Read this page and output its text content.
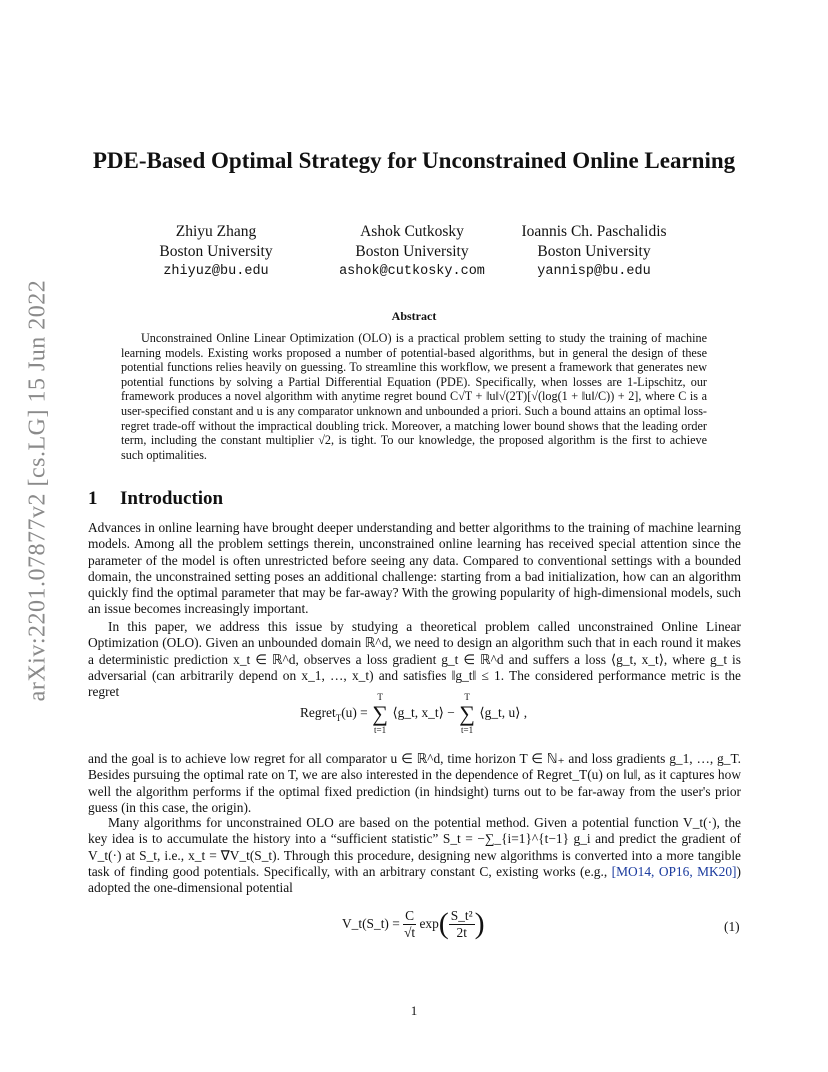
arXiv:2201.07877v2 [cs.LG] 15 Jun 2022
PDE-Based Optimal Strategy for Unconstrained Online Learning
Zhiyu Zhang
Boston University
zhiyuz@bu.edu
Ashok Cutkosky
Boston University
ashok@cutkosky.com
Ioannis Ch. Paschalidis
Boston University
yannisp@bu.edu
Abstract
Unconstrained Online Linear Optimization (OLO) is a practical problem setting to study the training of machine learning models. Existing works proposed a number of potential-based algorithms, but in general the design of these potential functions relies heavily on guessing. To streamline this workflow, we present a framework that generates new potential functions by solving a Partial Differential Equation (PDE). Specifically, when losses are 1-Lipschitz, our framework produces a novel algorithm with anytime regret bound C√T + ‖u‖√(2T)[√(log(1 + ‖u‖/C)) + 2], where C is a user-specified constant and u is any comparator unknown and unbounded a priori. Such a bound attains an optimal loss-regret trade-off without the impractical doubling trick. Moreover, a matching lower bound shows that the leading order term, including the constant multiplier √2, is tight. To our knowledge, the proposed algorithm is the first to achieve such optimalities.
1 Introduction
Advances in online learning have brought deeper understanding and better algorithms to the training of machine learning models. Among all the problem settings therein, unconstrained online learning has received special attention since the parameter of the model is often unrestricted before seeing any data. Compared to conventional settings with a bounded domain, the unconstrained setting poses an additional challenge: starting from a bad initialization, how can an algorithm quickly find the optimal parameter that may be far-away? With the growing popularity of high-dimensional models, such an issue becomes increasingly important.
In this paper, we address this issue by studying a theoretical problem called unconstrained Online Linear Optimization (OLO). Given an unbounded domain ℝ^d, we need to design an algorithm such that in each round it makes a deterministic prediction x_t ∈ ℝ^d, observes a loss gradient g_t ∈ ℝ^d and suffers a loss ⟨g_t, x_t⟩, where g_t is adversarial (can arbitrarily depend on x_1, …, x_t) and satisfies ‖g_t‖ ≤ 1. The considered performance metric is the regret
Regret$_T$(u) =
T
∑
t=1
⟨g_t, x_t⟩ −
T
∑
t=1
⟨g_t, u⟩ ,
and the goal is to achieve low regret for all comparator u ∈ ℝ^d, time horizon T ∈ ℕ₊ and loss gradients g_1, …, g_T. Besides pursuing the optimal rate on T, we are also interested in the dependence of Regret_T(u) on ‖u‖, as it captures how well the algorithm performs if the optimal fixed prediction (in hindsight) turns out to be far-away from the user's prior guess (in this case, the origin).
Many algorithms for unconstrained OLO are based on the potential method. Given a potential function V_t(·), the key idea is to accumulate the history into a “sufficient statistic” S_t = −∑_{i=1}^{t−1} g_i and predict the gradient of V_t(·) at S_t, i.e., x_t = ∇V_t(S_t). Through this procedure, designing new algorithms is converted into a more tangible task of finding good potentials. Specifically, with an arbitrary constant C, existing works (e.g., [MO14, OP16, MK20]) adopted the one-dimensional potential
V_t(S_t) = $\frac{C}{√t} \exp( \frac{\text{S\_t²}}{2t}$ )	(1)
1
